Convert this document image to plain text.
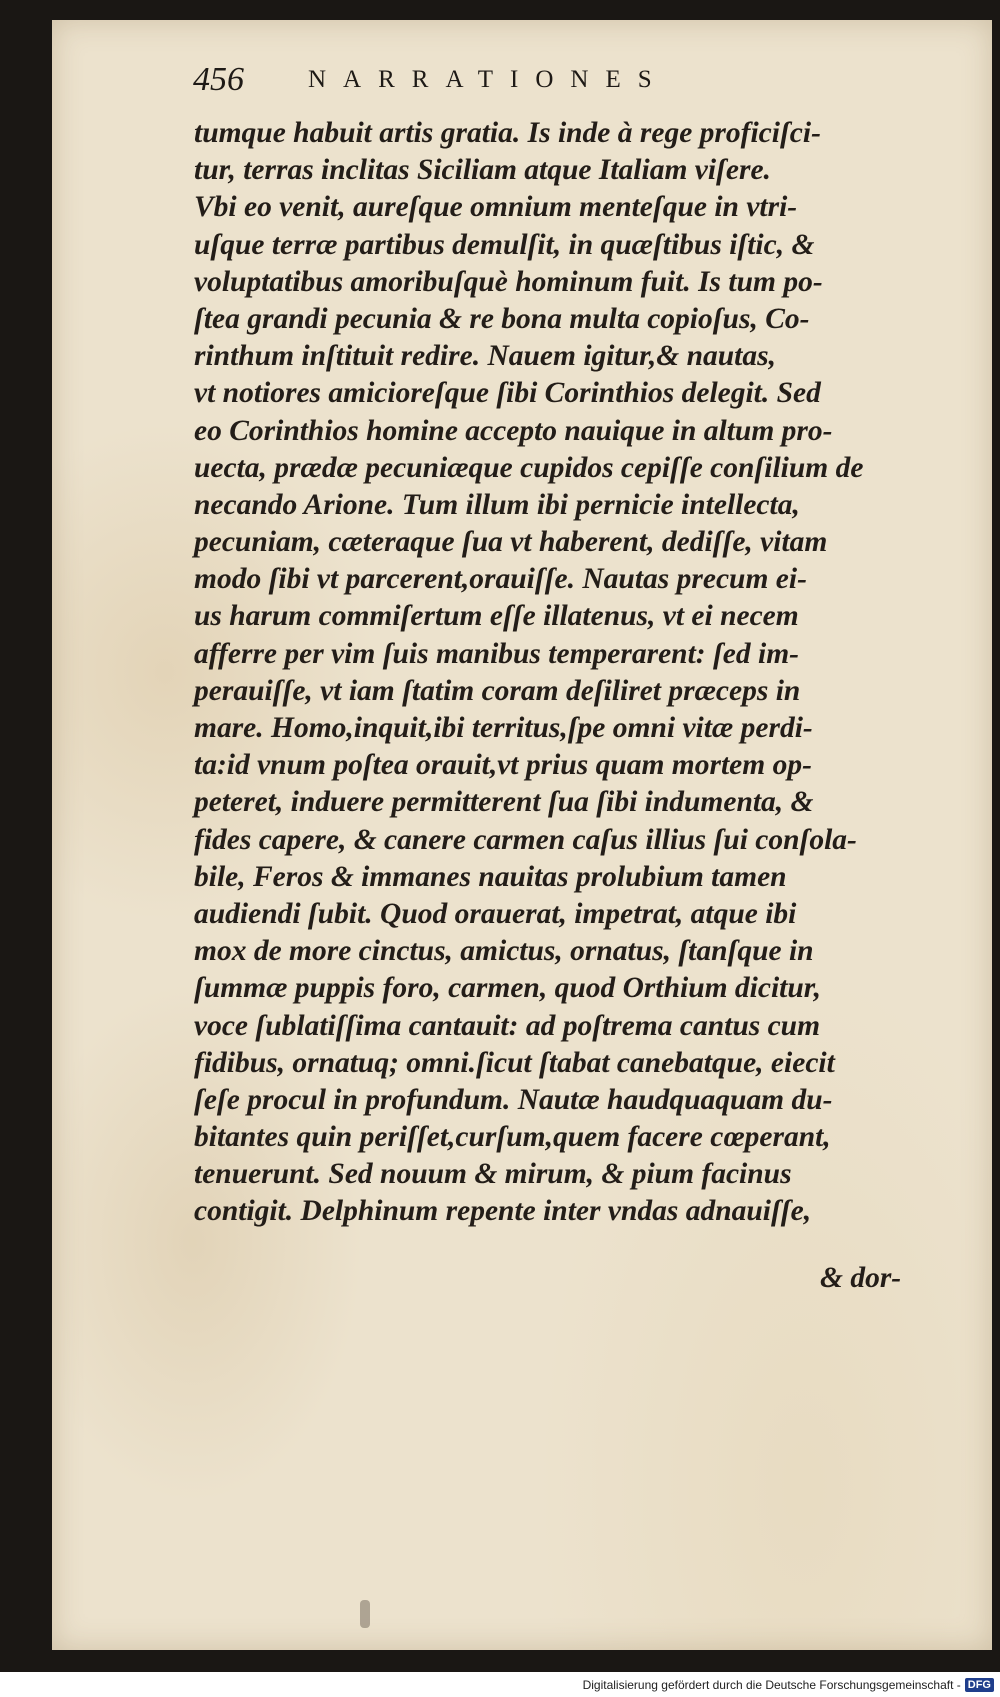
456	NARRATIONES
tumque habuit artis gratia. Is inde à rege proficiſci-
tur, terras inclitas Siciliam atque Italiam viſere.
Vbi eo venit, aureſque omnium menteſque in vtri-
uſque terræ partibus demulſit, in quæſtibus iſtic, &
voluptatibus amoribuſquè hominum fuit. Is tum po-
ſtea grandi pecunia & re bona multa copioſus, Co-
rinthum inſtituit redire. Nauem igitur,& nautas,
vt notiores amicioreſque ſibi Corinthios delegit. Sed
eo Corinthios homine accepto nauique in altum pro-
uecta, prædæ pecuniæque cupidos cepiſſe conſilium de
necando Arione. Tum illum ibi pernicie intellecta,
pecuniam, cæteraque ſua vt haberent, dediſſe, vitam
modo ſibi vt parcerent,orauiſſe. Nautas precum ei-
us harum commiſertum eſſe illatenus, vt ei necem
afferre per vim ſuis manibus temperarent: ſed im-
perauiſſe, vt iam ſtatim coram deſiliret præceps in
mare. Homo,inquit,ibi territus,ſpe omni vitæ perdi-
ta:id vnum poſtea orauit,vt prius quam mortem op-
peteret, induere permitterent ſua ſibi indumenta, &
fides capere, & canere carmen caſus illius ſui conſola-
bile, Feros & immanes nauitas prolubium tamen
audiendi ſubit. Quod orauerat, impetrat, atque ibi
mox de more cinctus, amictus, ornatus, ſtanſque in
ſummæ puppis foro, carmen, quod Orthium dicitur,
voce ſublatiſſima cantauit: ad poſtrema cantus cum
fidibus, ornatuq; omni.ſicut ſtabat canebatque, eiecit
ſeſe procul in profundum. Nautæ haudquaquam du-
bitantes quin periſſet,curſum,quem facere cœperant,
tenuerunt. Sed nouum & mirum, & pium facinus
contigit. Delphinum repente inter vndas adnauiſſe,
& dor-
Digitalisierung gefördert durch die Deutsche Forschungsgemeinschaft - DFG
